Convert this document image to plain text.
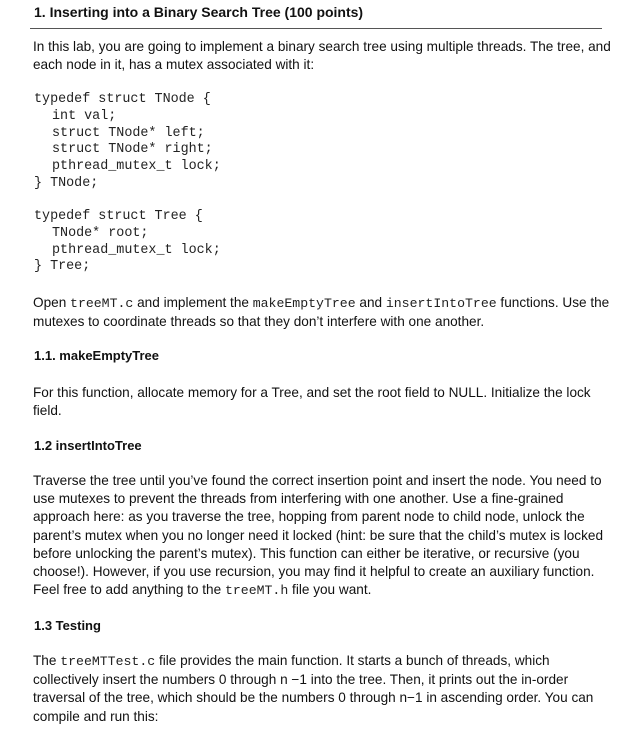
1. Inserting into a Binary Search Tree (100 points)

In this lab, you are going to implement a binary search tree using multiple threads. The tree, and each node in it, has a mutex associated with it:

typedef struct TNode {
int val;
struct TNode* left;
struct TNode* right;
pthread_mutex_t lock;
} TNode;
typedef struct Tree {
TNode* root;
pthread_mutex_t lock;
} Tree;

Open treeMT.c and implement the makeEmptyTree and insertIntoTree functions. Use the mutexes to coordinate threads so that they don’t interfere with one another.

1.1. makeEmptyTree

For this function, allocate memory for a Tree, and set the root field to NULL. Initialize the lock field.

1.2 insertIntoTree

Traverse the tree until you’ve found the correct insertion point and insert the node. You need to use mutexes to prevent the threads from interfering with one another. Use a fine-grained approach here: as you traverse the tree, hopping from parent node to child node, unlock the parent’s mutex when you no longer need it locked (hint: be sure that the child’s mutex is locked before unlocking the parent’s mutex). This function can either be iterative, or recursive (you choose!). However, if you use recursion, you may find it helpful to create an auxiliary function. Feel free to add anything to the treeMT.h file you want.

1.3 Testing

The treeMTTest.c file provides the main function. It starts a bunch of threads, which collectively insert the numbers 0 through n −1 into the tree. Then, it prints out the in-order traversal of the tree, which should be the numbers 0 through n−1 in ascending order. You can compile and run this:
